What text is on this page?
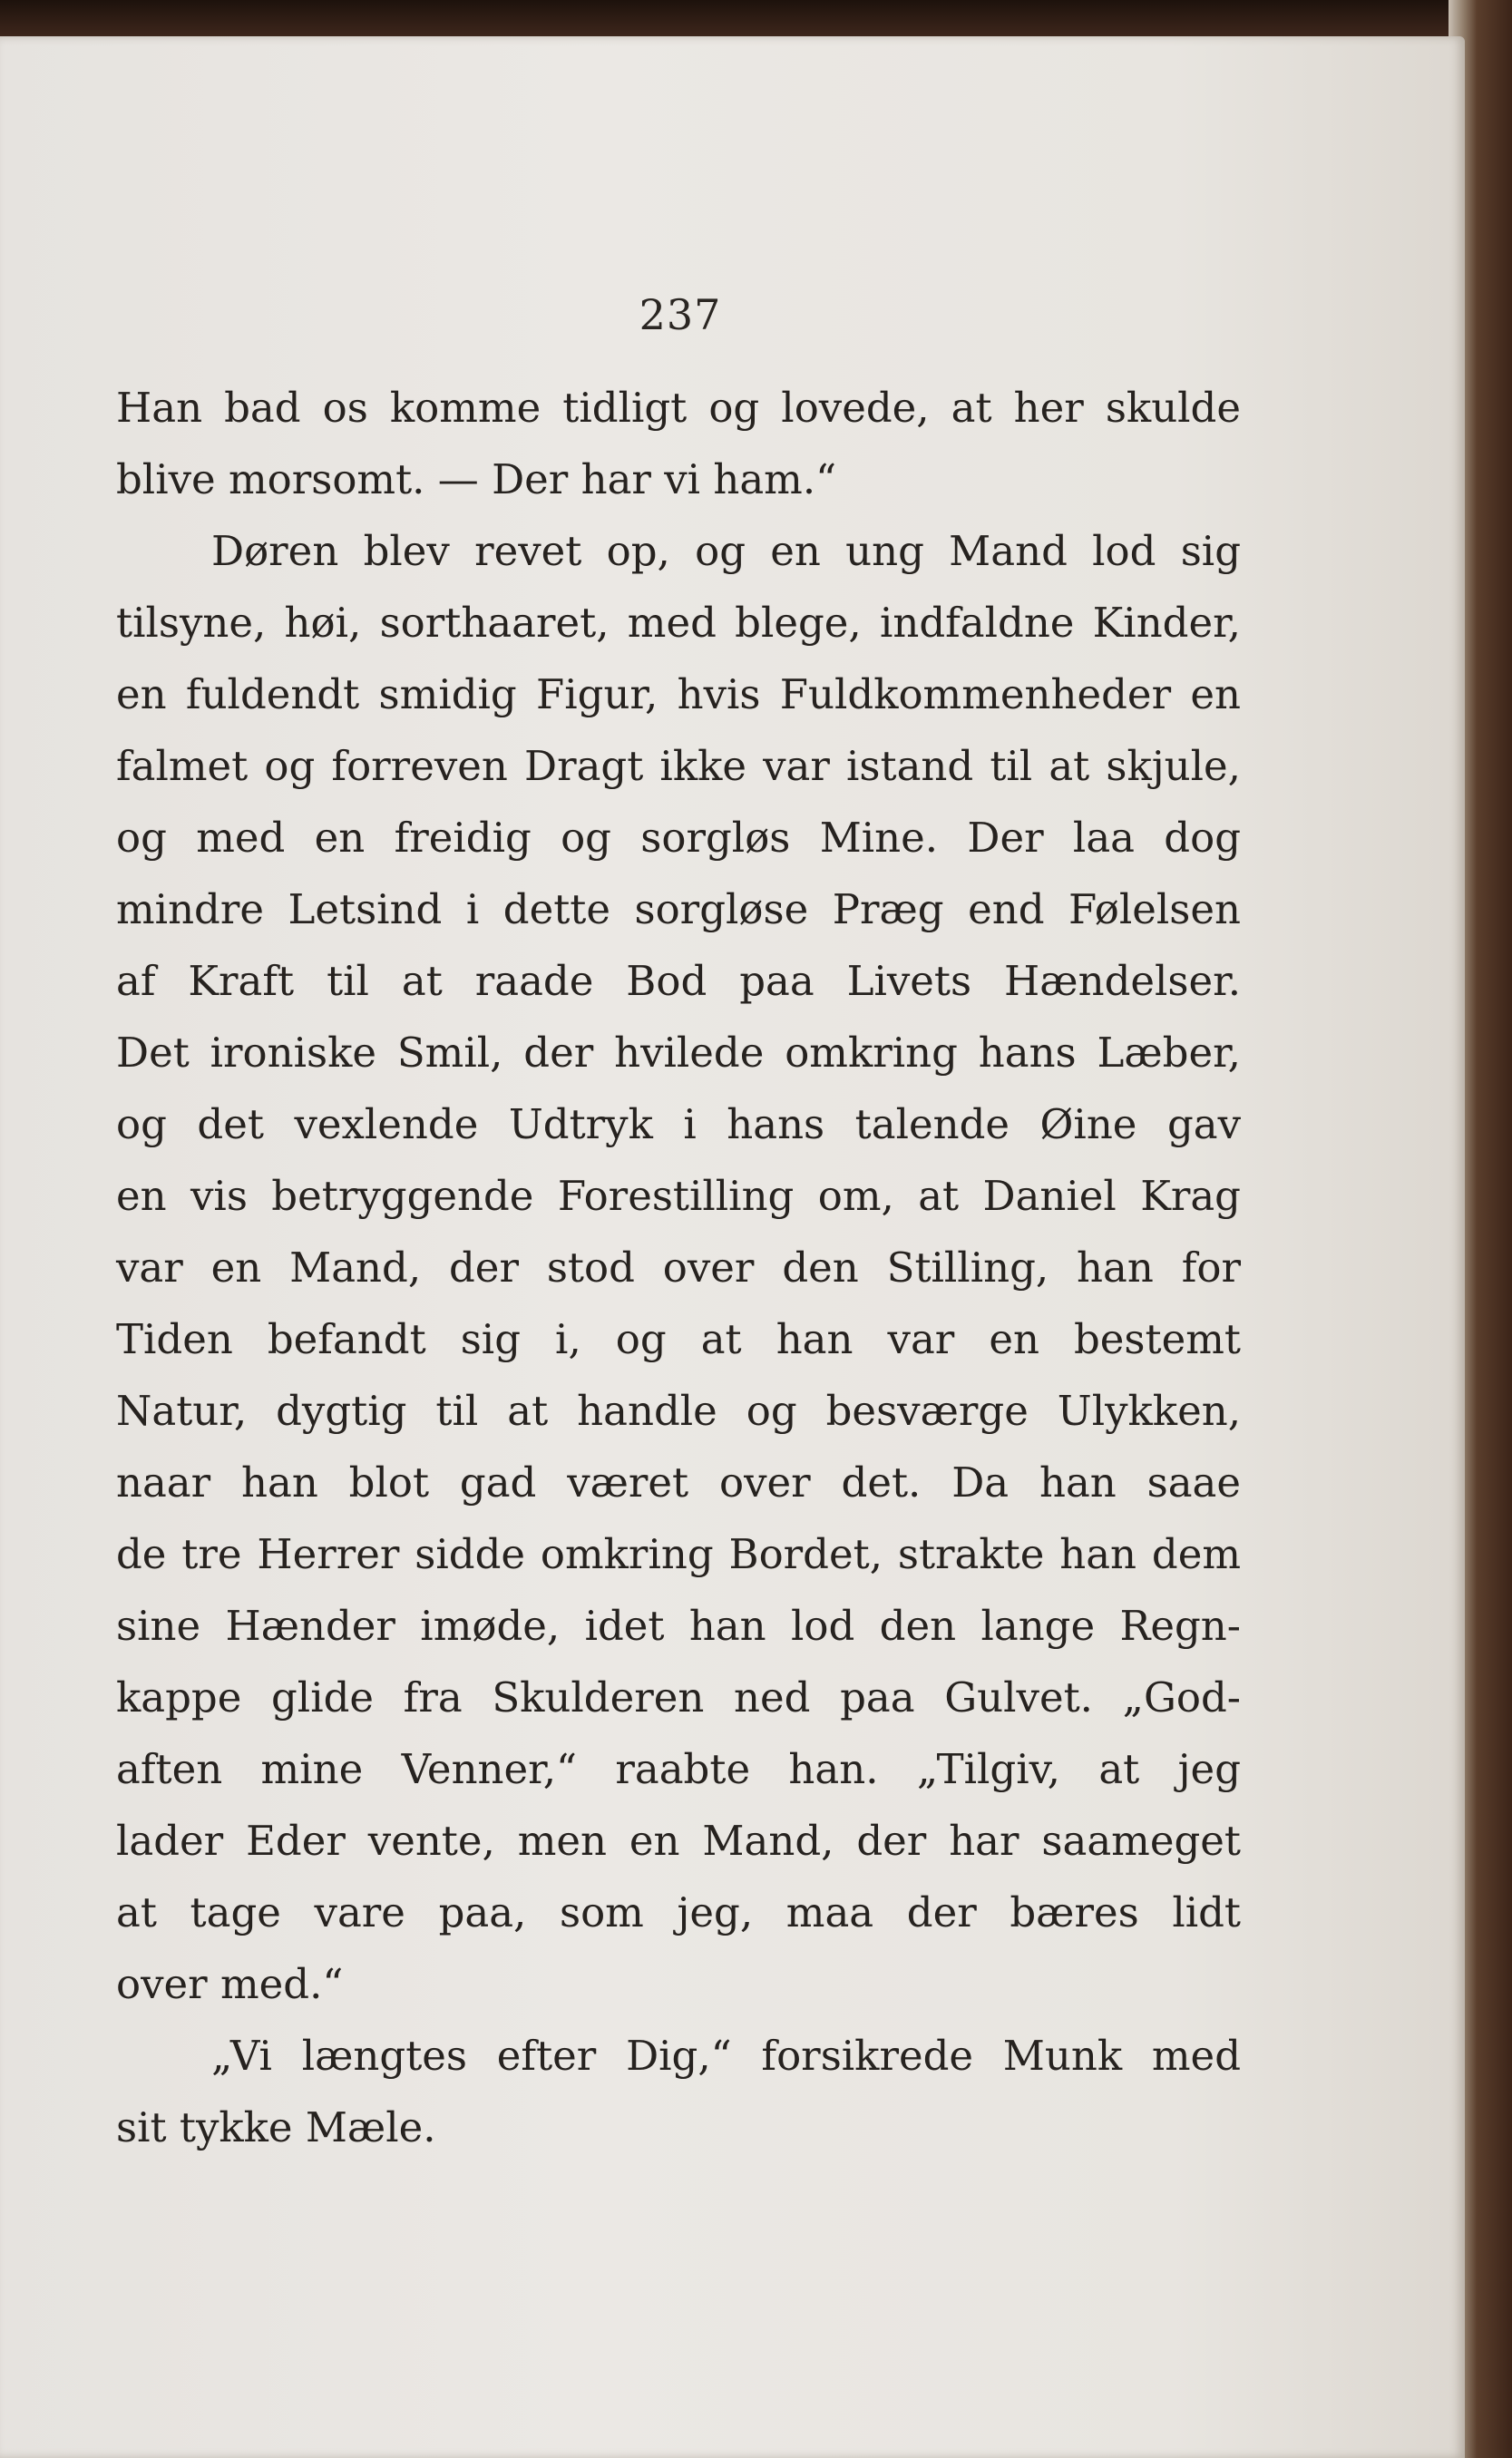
237
Han bad os komme tidligt og lovede, at her skulde
blive morsomt. — Der har vi ham.“
Døren blev revet op, og en ung Mand lod sig
tilsyne, høi, sorthaaret, med blege, indfaldne Kinder,
en fuldendt smidig Figur, hvis Fuldkommenheder en
falmet og forreven Dragt ikke var istand til at skjule,
og med en freidig og sorgløs Mine. Der laa dog
mindre Letsind i dette sorgløse Præg end Følelsen
af Kraft til at raade Bod paa Livets Hændelser.
Det ironiske Smil, der hvilede omkring hans Læber,
og det vexlende Udtryk i hans talende Øine gav
en vis betryggende Forestilling om, at Daniel Krag
var en Mand, der stod over den Stilling, han for
Tiden befandt sig i, og at han var en bestemt
Natur, dygtig til at handle og besværge Ulykken,
naar han blot gad været over det. Da han saae
de tre Herrer sidde omkring Bordet, strakte han dem
sine Hænder imøde, idet han lod den lange Regn-
kappe glide fra Skulderen ned paa Gulvet. „God-
aften mine Venner,“ raabte han. „Tilgiv, at jeg
lader Eder vente, men en Mand, der har saameget
at tage vare paa, som jeg, maa der bæres lidt
over med.“
„Vi længtes efter Dig,“ forsikrede Munk med
sit tykke Mæle.
